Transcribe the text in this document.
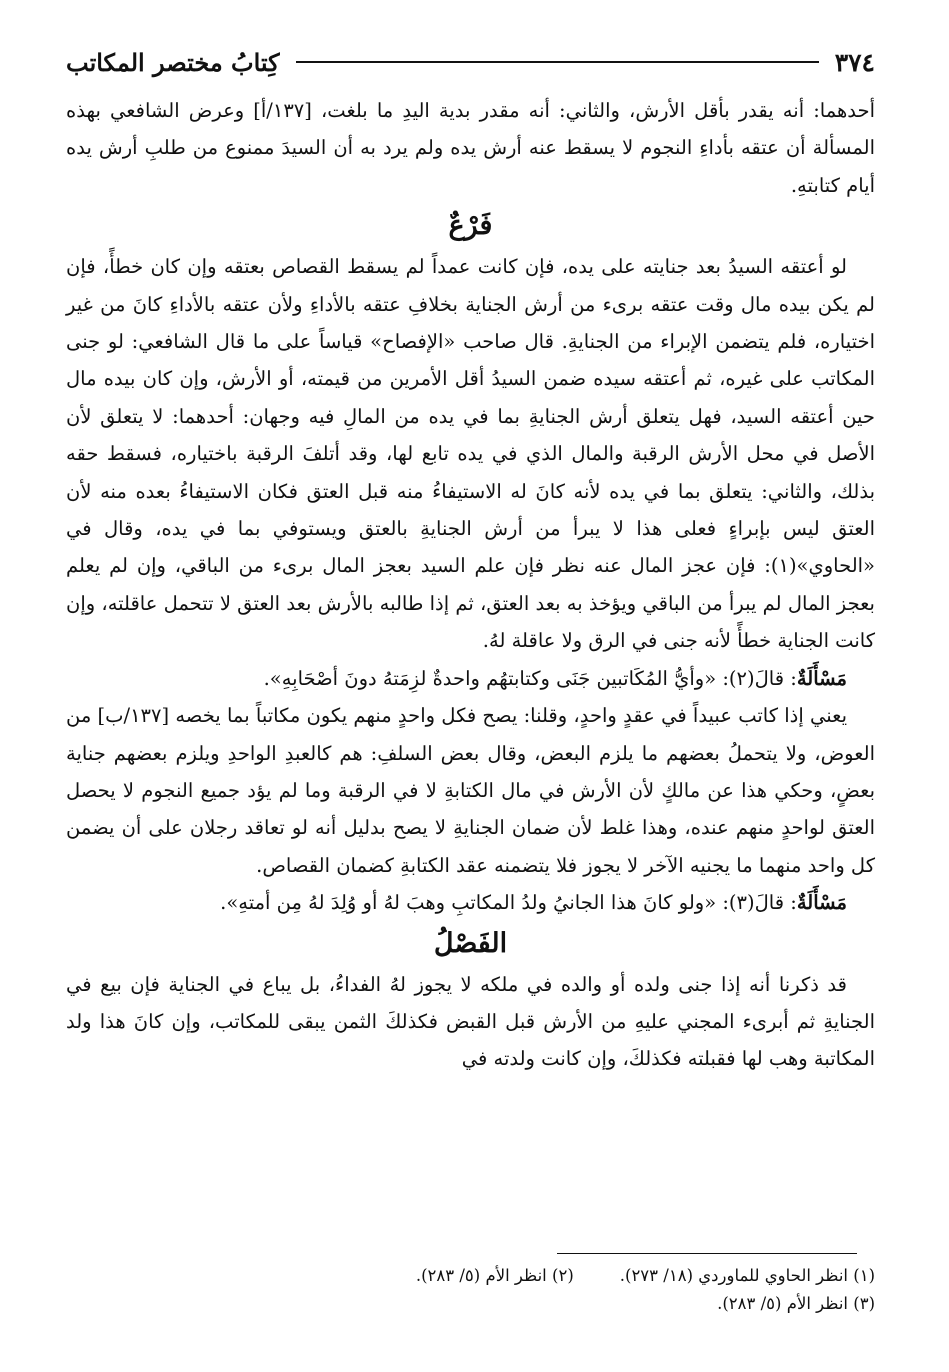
٣٧٤
كِتابُ مختصر المكاتب

أحدهما: أنه يقدر بأقل الأرش، والثاني: أنه مقدر بدية اليدِ ما بلغت، [١٣٧/أ] وعرض الشافعي بهذه المسألة أن عتقه بأداءِ النجوم لا يسقط عنه أرش يده ولم يرد به أن السيدَ ممنوع من طلبِ أرش يده أيام كتابتهِ.

فَرْعٌ

لو أعتقه السيدُ بعد جنايته على يده، فإن كانت عمداً لم يسقط القصاص بعتقه وإن كان خطأً، فإن لم يكن بيده مال وقت عتقه برىء من أرش الجناية بخلافِ عتقه بالأداءِ ولأن عتقه بالأداءِ كانَ من غير اختياره، فلم يتضمن الإبراء من الجنايةِ. قال صاحب «الإفصاح» قياساً على ما قال الشافعي: لو جنى المكاتب على غيره، ثم أعتقه سيده ضمن السيدُ أقل الأمرين من قيمته، أو الأرش، وإن كان بيده مال حين أعتقه السيد، فهل يتعلق أرش الجنايةِ بما في يده من المالِ فيه وجهان: أحدهما: لا يتعلق لأن الأصل في محل الأرش الرقبة والمال الذي في يده تابع لها، وقد أتلفَ الرقبة باختياره، فسقط حقه بذلك، والثاني: يتعلق بما في يده لأنه كانَ له الاستيفاءُ منه قبل العتق فكان الاستيفاءُ بعده منه لأن العتق ليس بإبراءٍ فعلى هذا لا يبرأ من أرش الجنايةِ بالعتق ويستوفي بما في يده، وقال في «الحاوي»(١): فإن عجز المال عنه نظر فإن علم السيد بعجز المال برىء من الباقي، وإن لم يعلم بعجز المال لم يبرأ من الباقي ويؤخذ به بعد العتق، ثم إذا طالبه بالأرش بعد العتق لا تتحمل عاقلته، وإن كانت الجناية خطأً لأنه جنى في الرق ولا عاقلة لهُ.

مَسْأَلَةٌ: قالَ(٢): «وأيُّ المُكَاتبين جَنَى وكتابتهُم واحدةٌ لزِمَتهُ دونَ أصْحَابِهِ».

يعني إذا كاتب عبيداً في عقدٍ واحدٍ، وقلنا: يصح فكل واحدٍ منهم يكون مكاتباً بما يخصه [١٣٧/ب] من العوض، ولا يتحملُ بعضهم ما يلزم البعض، وقال بعض السلفِ: هم كالعبدِ الواحدِ ويلزم بعضهم جناية بعضٍ، وحكي هذا عن مالكٍ لأن الأرش في مال الكتابةِ لا في الرقبة وما لم يؤد جميع النجوم لا يحصل العتق لواحدٍ منهم عنده، وهذا غلط لأن ضمان الجنايةِ لا يصح بدليل أنه لو تعاقد رجلان على أن يضمن كل واحد منهما ما يجنيه الآخر لا يجوز فلا يتضمنه عقد الكتابةِ كضمان القصاص.

مَسْأَلَةٌ: قالَ(٣): «ولو كانَ هذا الجانيُ ولدُ المكاتبِ وهبَ لهُ أو وُلِدَ لهُ مِن أمتهِ».

الفَصْلُ

قد ذكرنا أنه إذا جنى ولده أو والده في ملكه لا يجوز لهُ الفداءُ، بل يباع في الجناية فإن بيع في الجنايةِ ثم أبرىء المجني عليهِ من الأرش قبل القبض فكذلكَ الثمن يبقى للمكاتب، وإن كانَ هذا ولد المكاتبة وهب لها فقبلته فكذلكَ، وإن كانت ولدته في

(١) انظر الحاوي للماوردي (١٨/ ٢٧٣).
(٢) انظر الأم (٥/ ٢٨٣).
(٣) انظر الأم (٥/ ٢٨٣).
